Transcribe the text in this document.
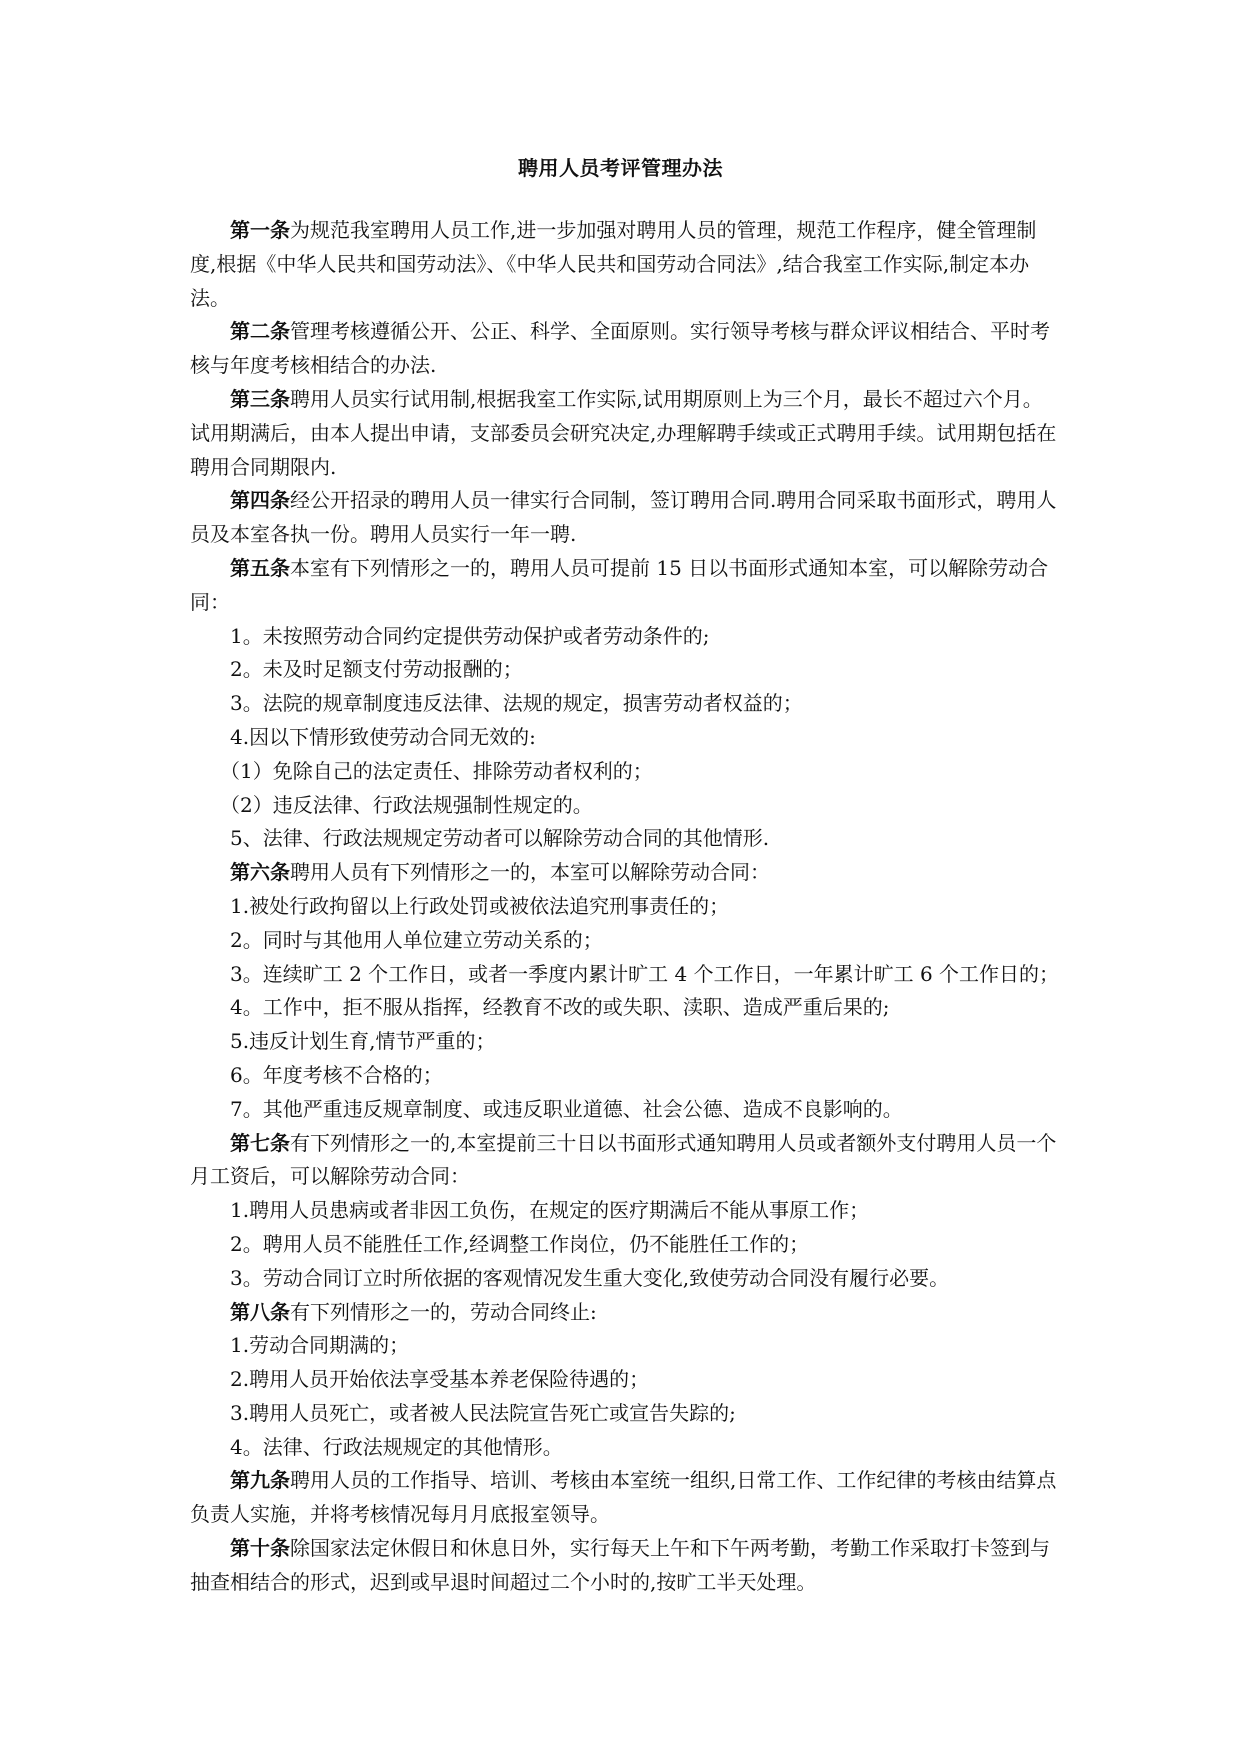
聘用人员考评管理办法

第一条为规范我室聘用人员工作,进一步加强对聘用人员的管理，规范工作程序，健全管理制度,根据《中华人民共和国劳动法》、《中华人民共和国劳动合同法》,结合我室工作实际,制定本办法。

第二条管理考核遵循公开、公正、科学、全面原则。实行领导考核与群众评议相结合、平时考核与年度考核相结合的办法.

第三条聘用人员实行试用制,根据我室工作实际,试用期原则上为三个月，最长不超过六个月。试用期满后，由本人提出申请，支部委员会研究决定,办理解聘手续或正式聘用手续。试用期包括在聘用合同期限内.

第四条经公开招录的聘用人员一律实行合同制，签订聘用合同.聘用合同采取书面形式，聘用人员及本室各执一份。聘用人员实行一年一聘.

第五条本室有下列情形之一的，聘用人员可提前 15 日以书面形式通知本室，可以解除劳动合同：

1。未按照劳动合同约定提供劳动保护或者劳动条件的;

2。未及时足额支付劳动报酬的；

3。法院的规章制度违反法律、法规的规定，损害劳动者权益的；

4.因以下情形致使劳动合同无效的:

（1）免除自己的法定责任、排除劳动者权利的；

（2）违反法律、行政法规强制性规定的。

5、法律、行政法规规定劳动者可以解除劳动合同的其他情形.

第六条聘用人员有下列情形之一的，本室可以解除劳动合同：

1.被处行政拘留以上行政处罚或被依法追究刑事责任的；

2。同时与其他用人单位建立劳动关系的；

3。连续旷工 2 个工作日，或者一季度内累计旷工 4 个工作日，一年累计旷工 6 个工作日的；

4。工作中，拒不服从指挥，经教育不改的或失职、渎职、造成严重后果的;

5.违反计划生育,情节严重的；

6。年度考核不合格的；

7。其他严重违反规章制度、或违反职业道德、社会公德、造成不良影响的。

第七条有下列情形之一的,本室提前三十日以书面形式通知聘用人员或者额外支付聘用人员一个月工资后，可以解除劳动合同：

1.聘用人员患病或者非因工负伤，在规定的医疗期满后不能从事原工作；

2。聘用人员不能胜任工作,经调整工作岗位，仍不能胜任工作的；

3。劳动合同订立时所依据的客观情况发生重大变化,致使劳动合同没有履行必要。

第八条有下列情形之一的，劳动合同终止:

1.劳动合同期满的；

2.聘用人员开始依法享受基本养老保险待遇的；

3.聘用人员死亡，或者被人民法院宣告死亡或宣告失踪的;

4。法律、行政法规规定的其他情形。

第九条聘用人员的工作指导、培训、考核由本室统一组织,日常工作、工作纪律的考核由结算点负责人实施，并将考核情况每月月底报室领导。

第十条除国家法定休假日和休息日外，实行每天上午和下午两考勤，考勤工作采取打卡签到与抽查相结合的形式，迟到或早退时间超过二个小时的,按旷工半天处理。
